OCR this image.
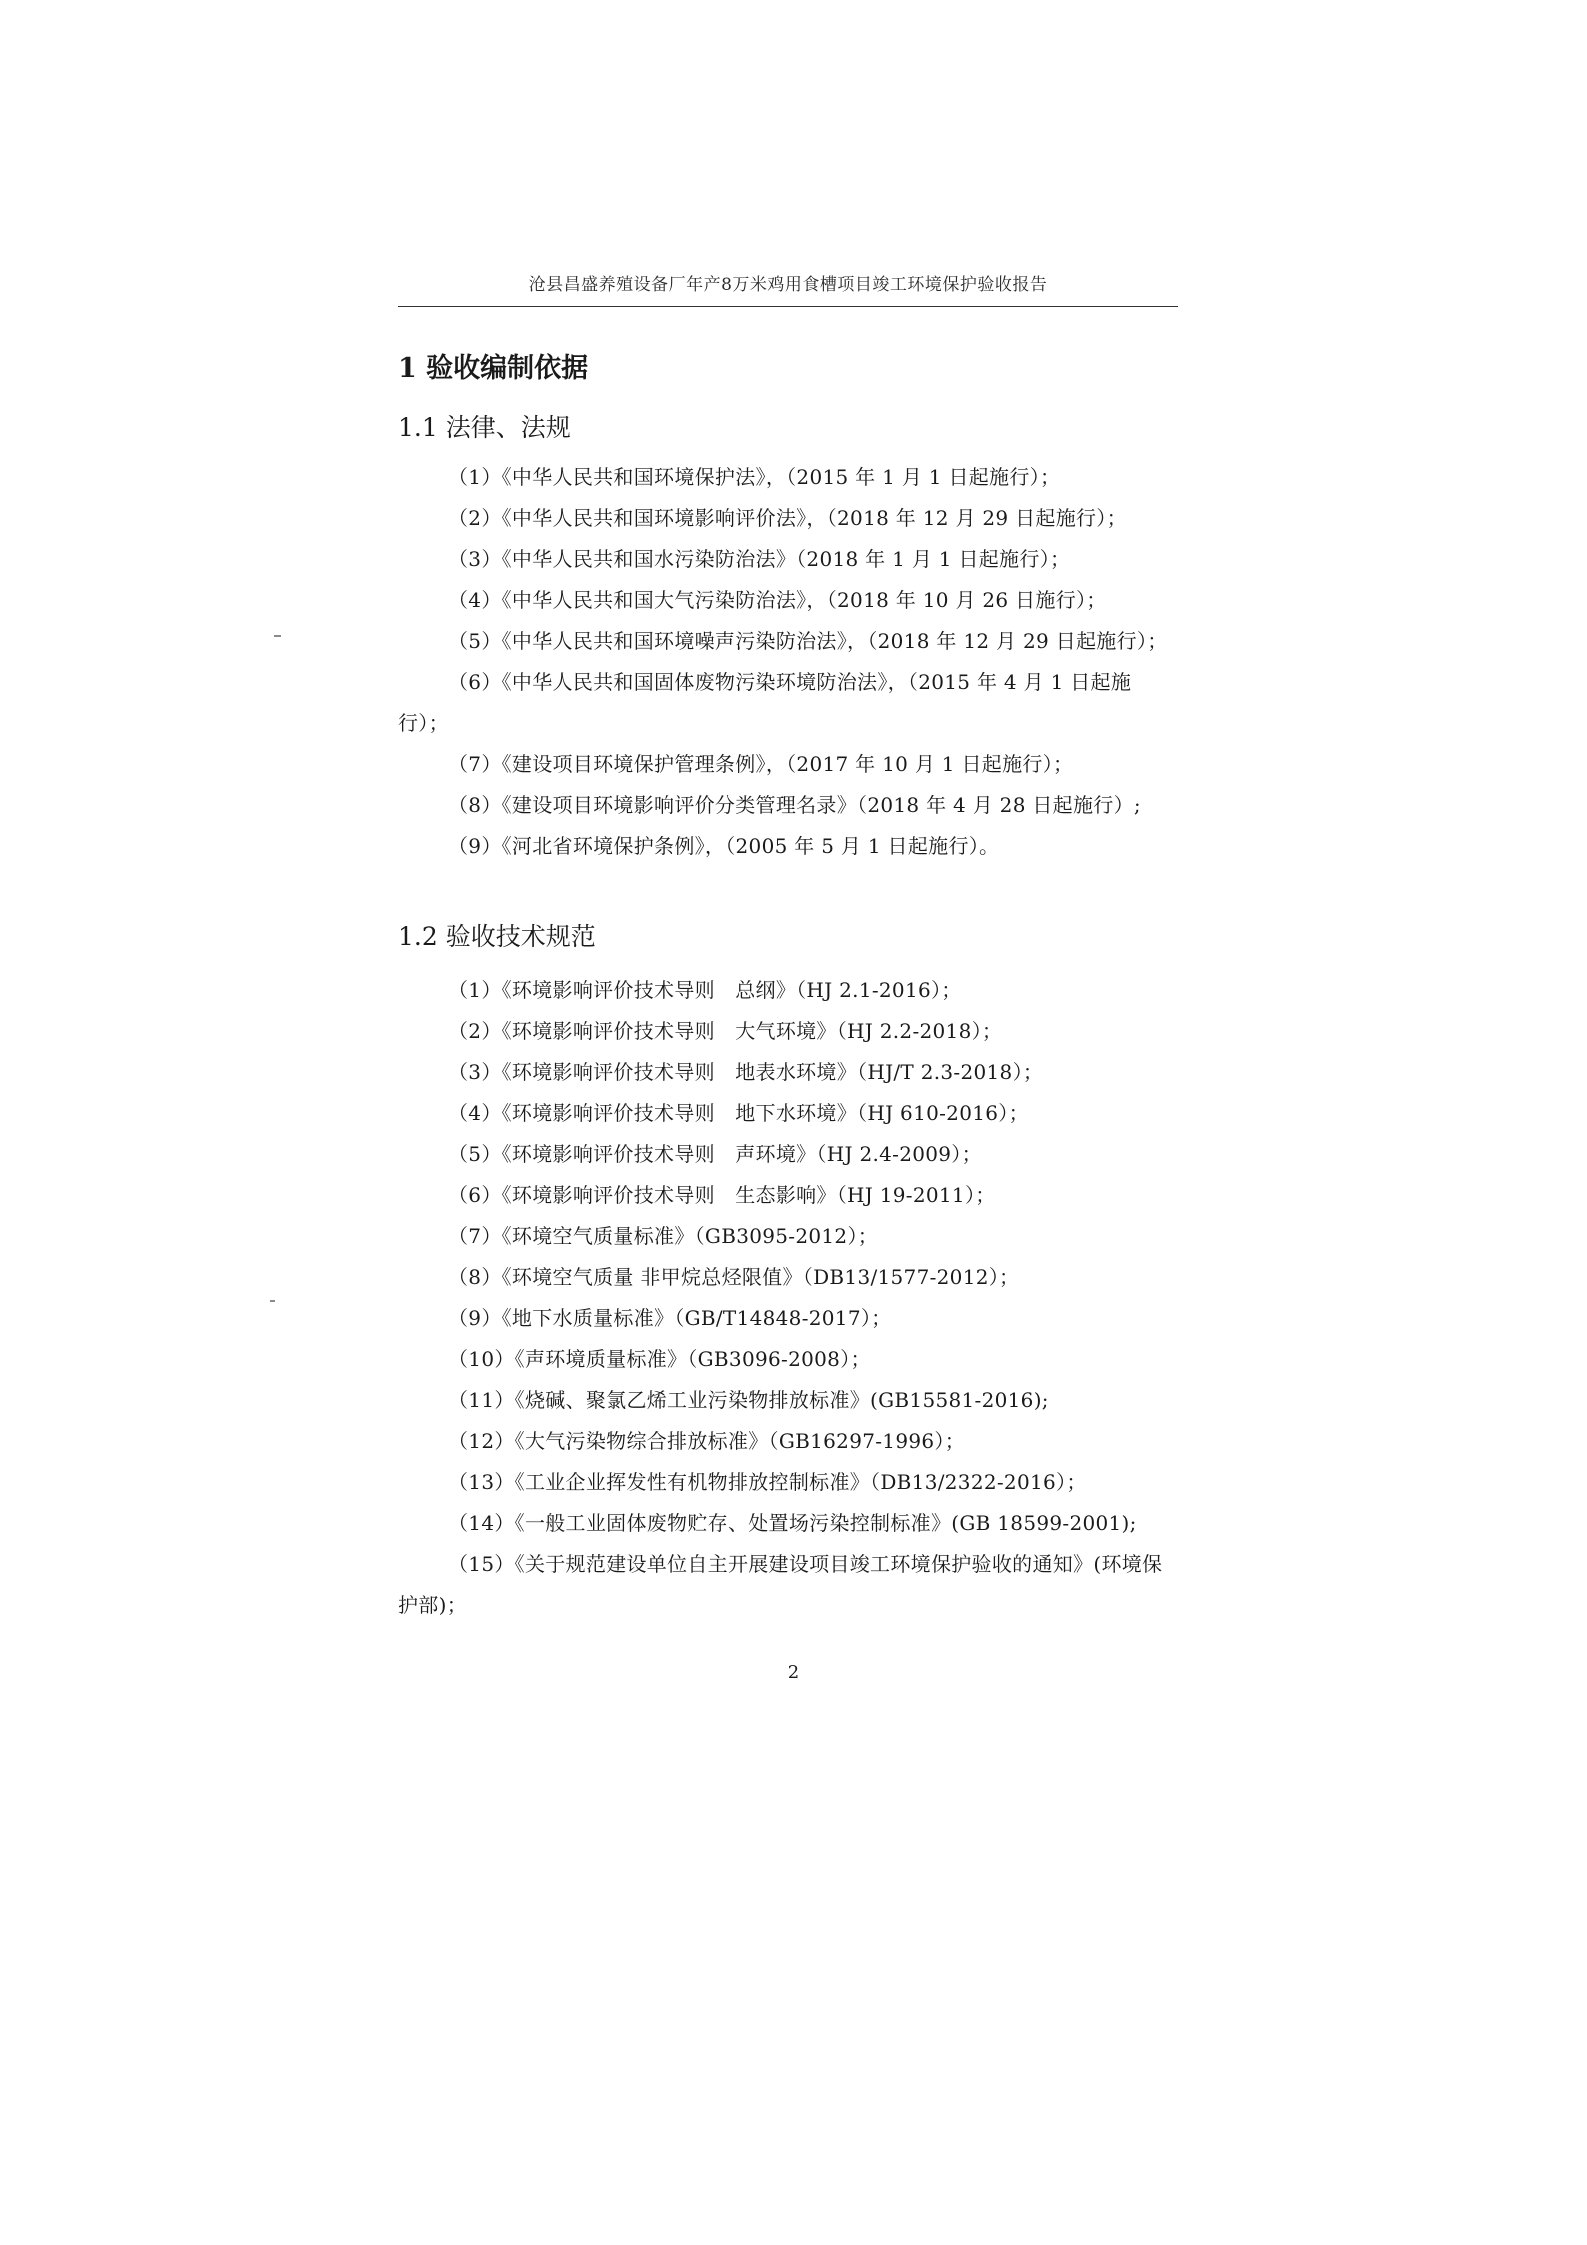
沧县昌盛养殖设备厂年产8万米鸡用食槽项目竣工环境保护验收报告
1 验收编制依据
1.1 法律、法规
（1）《中华人民共和国环境保护法》，（2015 年 1 月 1 日起施行）；
（2）《中华人民共和国环境影响评价法》，（2018 年 12 月 29 日起施行）；
（3）《中华人民共和国水污染防治法》（2018 年 1 月 1 日起施行）；
（4）《中华人民共和国大气污染防治法》，（2018 年 10 月 26 日施行）；
（5）《中华人民共和国环境噪声污染防治法》，（2018 年 12 月 29 日起施行）；
（6）《中华人民共和国固体废物污染环境防治法》，（2015 年 4 月 1 日起施行）；
（7）《建设项目环境保护管理条例》，（2017 年 10 月 1 日起施行）；
（8）《建设项目环境影响评价分类管理名录》（2018 年 4 月 28 日起施行）;
（9）《河北省环境保护条例》，（2005 年 5 月 1 日起施行）。
1.2 验收技术规范
（1）《环境影响评价技术导则　总纲》（HJ 2.1-2016）；
（2）《环境影响评价技术导则　大气环境》（HJ 2.2-2018）；
（3）《环境影响评价技术导则　地表水环境》（HJ/T 2.3-2018）；
（4）《环境影响评价技术导则　地下水环境》（HJ 610-2016）；
（5）《环境影响评价技术导则　声环境》（HJ 2.4-2009）；
（6）《环境影响评价技术导则　生态影响》（HJ 19-2011）；
（7）《环境空气质量标准》（GB3095-2012）；
（8）《环境空气质量 非甲烷总烃限值》（DB13/1577-2012）；
（9）《地下水质量标准》（GB/T14848-2017）；
（10）《声环境质量标准》（GB3096-2008）；
（11）《烧碱、聚氯乙烯工业污染物排放标准》(GB15581-2016);
（12）《大气污染物综合排放标准》（GB16297-1996）；
（13）《工业企业挥发性有机物排放控制标准》（DB13/2322-2016）；
（14）《一般工业固体废物贮存、处置场污染控制标准》(GB 18599-2001);
（15）《关于规范建设单位自主开展建设项目竣工环境保护验收的通知》(环境保护部)；
2
